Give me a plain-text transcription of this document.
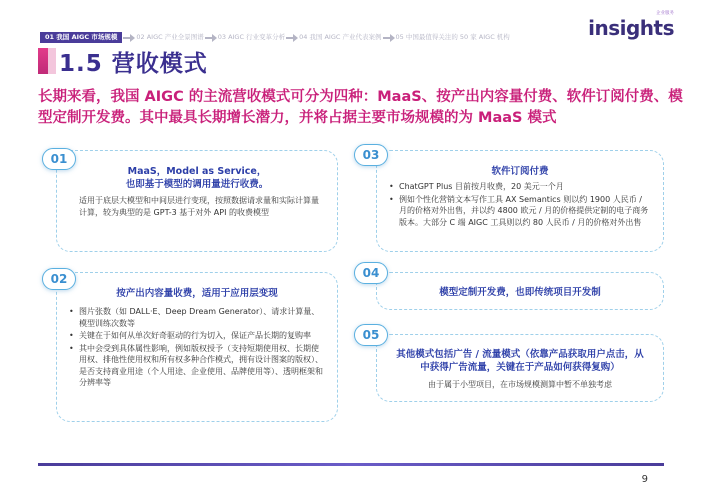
01 我国 AIGC 市场规模	02 AIGC 产业全景图谱 03 AIGC 行业变革分析 04 我国 AIGC 产业代表案例 05 中国最值得关注的 50 家 AIGC 机构
企业服务
insights
1.5 营收模式
长期来看，我国 AIGC 的主流营收模式可分为四种：MaaS、按产出内容量付费、软件订阅付费、模型定制开发费。其中最具长期增长潜力，并将占据主要市场规模的为 MaaS 模式
MaaS，Model as Service，
也即基于模型的调用量进行收费。
适用于底层大模型和中间层进行变现，按照数据请求量和实际计算量计算，较为典型的是 GPT-3 基于对外 API 的收费模型
01
按产出内容量收费，适用于应用层变现
• 图片张数（如 DALL·E、Deep Dream Generator）、请求计算量、模型训练次数等
• 关键在于如何从单次好奇驱动的行为切入，保证产品长期的复购率
• 其中会受到具体属性影响，例如版权授予（支持短期使用权、长期使用权、排他性使用权和所有权多种合作模式，拥有设计图案的版权）、是否支持商业用途（个人用途、企业使用、品牌使用等）、透明框架和分辨率等
02
软件订阅付费
• ChatGPT Plus 目前按月收费，20 美元一个月
• 例如个性化营销文本写作工具 AX Semantics 则以约 1900 人民币 / 月的价格对外出售，并以约 4800 欧元 / 月的价格提供定制的电子商务版本。大部分 C 端 AIGC 工具则以约 80 人民币 / 月的价格对外出售
03
模型定制开发费，也即传统项目开发制
04
其他模式包括广告 / 流量模式（依靠产品获取用户点击，从
中获得广告流量，关键在于产品如何获得复购）
由于属于小型项目，在市场规模测算中暂不单独考虑
05
9
